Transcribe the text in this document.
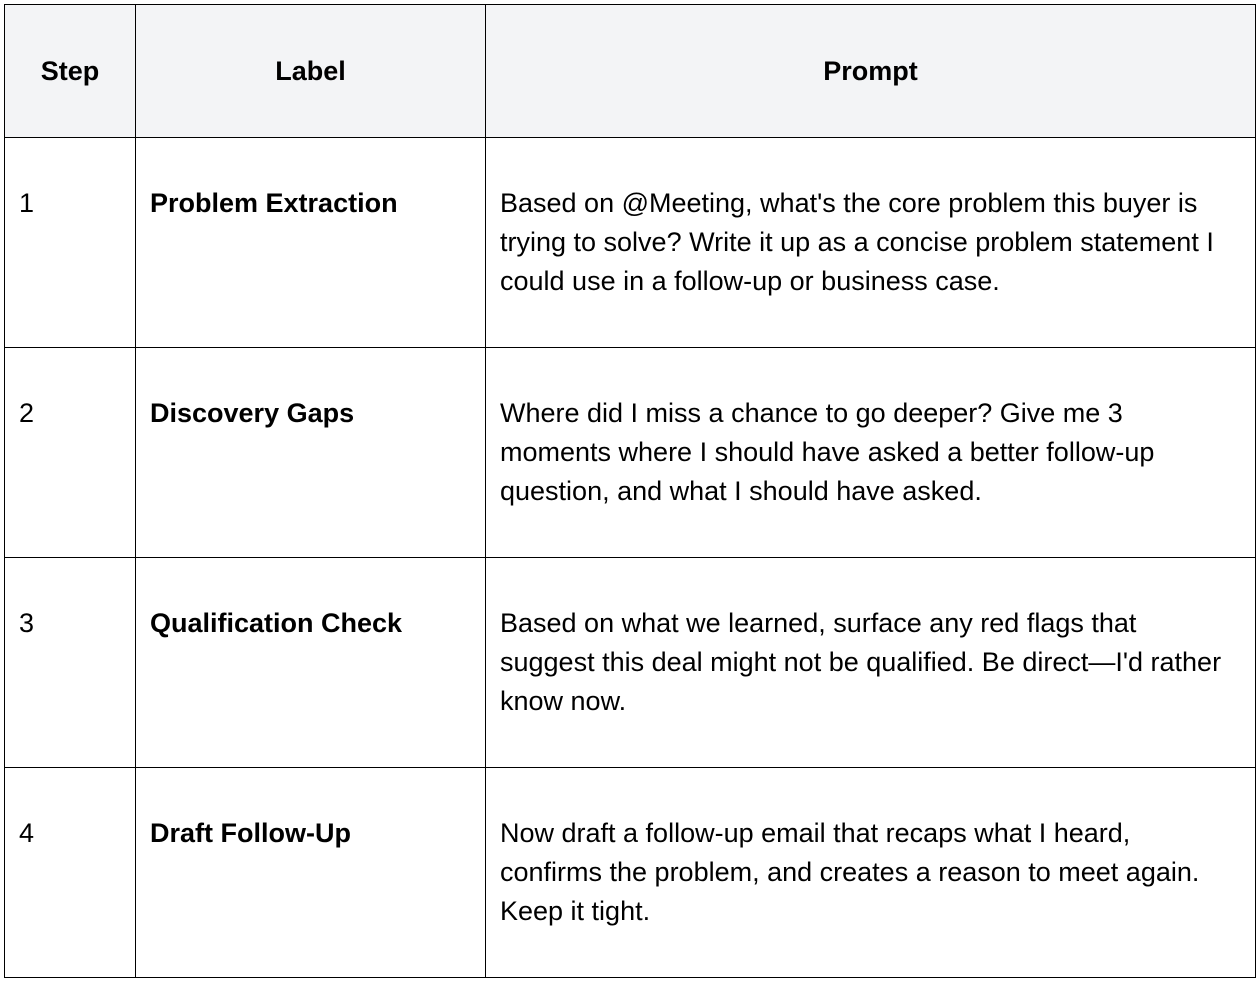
Step	Label	Prompt
1	Problem Extraction	Based on @Meeting, what's the core problem this buyer is trying to solve? Write it up as a concise problem statement I could use in a follow-up or business case.
2	Discovery Gaps	Where did I miss a chance to go deeper? Give me 3 moments where I should have asked a better follow-up question, and what I should have asked.
3	Qualification Check	Based on what we learned, surface any red flags that suggest this deal might not be qualified. Be direct—I'd rather know now.
4	Draft Follow-Up	Now draft a follow-up email that recaps what I heard, confirms the problem, and creates a reason to meet again. Keep it tight.
